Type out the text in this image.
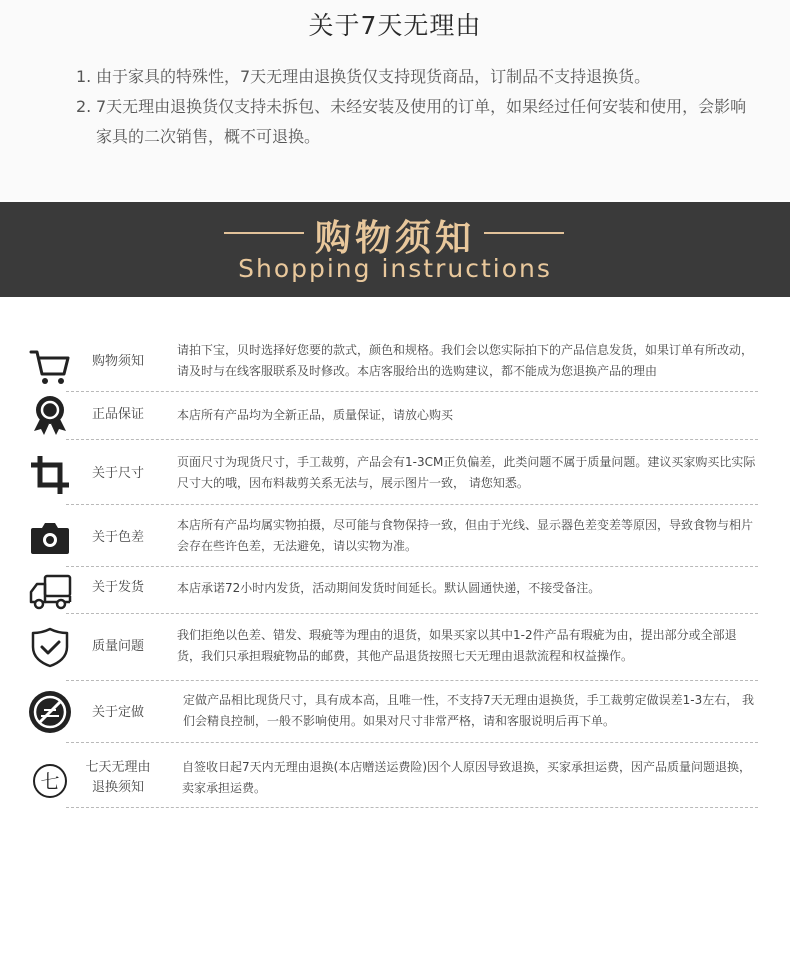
关于7天无理由
1. 由于家具的特殊性，7天无理由退换货仅支持现货商品，订制品不支持退换货。
2. 7天无理由退换货仅支持未拆包、未经安装及使用的订单，如果经过任何安装和使用，会影响家具的二次销售，概不可退换。
购物须知
Shopping instructions
购物须知
请拍下宝，贝时选择好您要的款式，颜色和规格。我们会以您实际拍下的产品信息发货，如果订单有所改动，请及时与在线客服联系及时修改。本店客服给出的选购建议，都不能成为您退换产品的理由
正品保证	本店所有产品均为全新正品，质量保证，请放心购买
关于尺寸
页面尺寸为现货尺寸，手工裁剪，产品会有1-3CM正负偏差，此类问题不属于质量问题。建议买家购买比实际尺寸大的哦，因布料裁剪关系无法与，展示图片一致， 请您知悉。
关于色差
本店所有产品均属实物拍摄，尽可能与食物保持一致，但由于光线、显示器色差变差等原因，导致食物与相片会存在些许色差，无法避免，请以实物为准。
关于发货	本店承诺72小时内发货，活动期间发货时间延长。默认圆通快递，不接受备注。
质量问题
我们拒绝以色差、错发、瑕疵等为理由的退货，如果买家以其中1-2件产品有瑕疵为由，提出部分或全部退货，我们只承担瑕疵物品的邮费，其他产品退货按照七天无理由退款流程和权益操作。
关于定做
定做产品相比现货尺寸，具有成本高，且唯一性，不支持7天无理由退换货，手工裁剪定做误差1-3左右， 我们会精良控制，一般不影响使用。如果对尺寸非常严格，请和客服说明后再下单。
七
七天无理由
退换须知
自签收日起7天内无理由退换(本店赠送运费险)因个人原因导致退换，买家承担运费，因产品质量问题退换，卖家承担运费。
